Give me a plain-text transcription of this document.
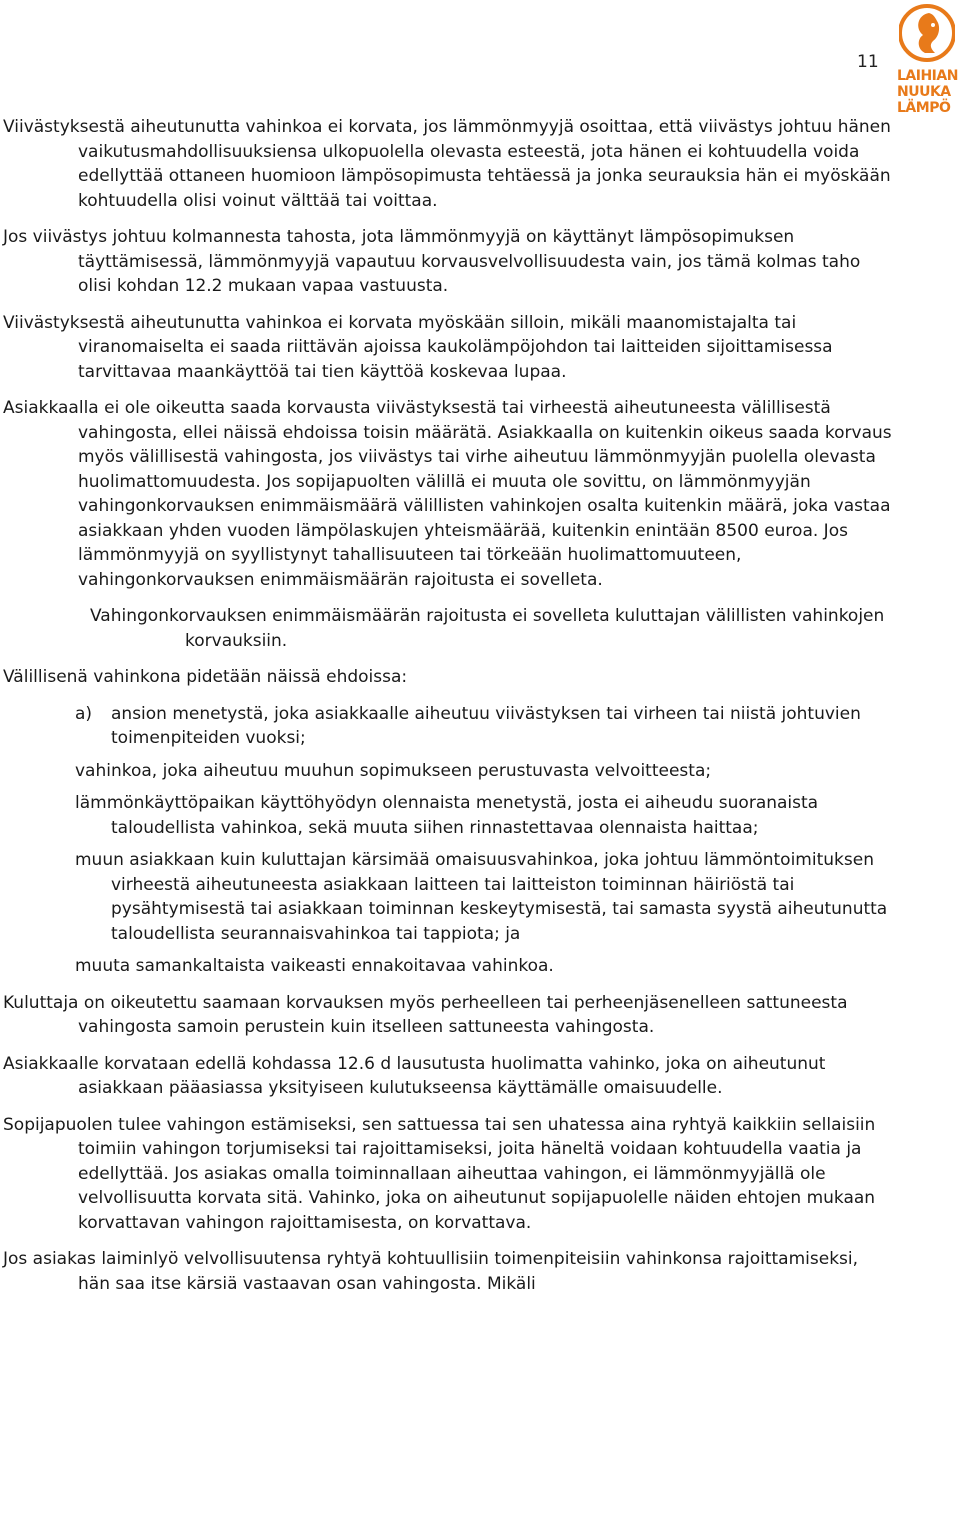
11
LAIHIAN
NUUKA
LÄMPÖ

Viivästyksestä aiheutunutta vahinkoa ei korvata, jos lämmönmyyjä osoittaa, että viivästys johtuu hänen vaikutusmahdollisuuksiensa ulkopuolella olevasta esteestä, jota hänen ei kohtuudella voida edellyttää ottaneen huomioon lämpösopimusta tehtäessä ja jonka seurauksia hän ei myöskään kohtuudella olisi voinut välttää tai voittaa.

Jos viivästys johtuu kolmannesta tahosta, jota lämmönmyyjä on käyttänyt lämpösopimuksen täyttämisessä, lämmönmyyjä vapautuu korvausvelvollisuudesta vain, jos tämä kolmas taho olisi kohdan 12.2 mukaan vapaa vastuusta.

Viivästyksestä aiheutunutta vahinkoa ei korvata myöskään silloin, mikäli maanomistajalta tai viranomaiselta ei saada riittävän ajoissa kaukolämpöjohdon tai laitteiden sijoittamisessa tarvittavaa maankäyttöä tai tien käyttöä koskevaa lupaa.

Asiakkaalla ei ole oikeutta saada korvausta viivästyksestä tai virheestä aiheutuneesta välillisestä vahingosta, ellei näissä ehdoissa toisin määrätä. Asiakkaalla on kuitenkin oikeus saada korvaus myös välillisestä vahingosta, jos viivästys tai virhe aiheutuu lämmönmyyjän puolella olevasta huolimattomuudesta. Jos sopijapuolten välillä ei muuta ole sovittu, on lämmönmyyjän vahingonkorvauksen enimmäismäärä välillisten vahinkojen osalta kuitenkin määrä, joka vastaa asiakkaan yhden vuoden lämpölaskujen yhteismäärää, kuitenkin enintään 8500 euroa. Jos lämmönmyyjä on syyllistynyt tahallisuuteen tai törkeään huolimattomuuteen, vahingonkorvauksen enimmäismäärän rajoitusta ei sovelleta.

Vahingonkorvauksen enimmäismäärän rajoitusta ei sovelleta kuluttajan välillisten vahinkojen korvauksiin.

Välillisenä vahinkona pidetään näissä ehdoissa:

a) ansion menetystä, joka asiakkaalle aiheutuu viivästyksen tai virheen tai niistä johtuvien toimenpiteiden vuoksi;
vahinkoa, joka aiheutuu muuhun sopimukseen perustuvasta velvoitteesta;
lämmönkäyttöpaikan käyttöhyödyn olennaista menetystä, josta ei aiheudu suoranaista taloudellista vahinkoa, sekä muuta siihen rinnastettavaa olennaista haittaa;
muun asiakkaan kuin kuluttajan kärsimää omaisuusvahinkoa, joka johtuu lämmöntoimituksen virheestä aiheutuneesta asiakkaan laitteen tai laitteiston toiminnan häiriöstä tai pysähtymisestä tai asiakkaan toiminnan keskeytymisestä, tai samasta syystä aiheutunutta taloudellista seurannaisvahinkoa tai tappiota; ja
muuta samankaltaista vaikeasti ennakoitavaa vahinkoa.

Kuluttaja on oikeutettu saamaan korvauksen myös perheelleen tai perheenjäsenelleen sattuneesta vahingosta samoin perustein kuin itselleen sattuneesta vahingosta.

Asiakkaalle korvataan edellä kohdassa 12.6 d lausutusta huolimatta vahinko, joka on aiheutunut asiakkaan pääasiassa yksityiseen kulutukseensa käyttämälle omaisuudelle.

Sopijapuolen tulee vahingon estämiseksi, sen sattuessa tai sen uhatessa aina ryhtyä kaikkiin sellaisiin toimiin vahingon torjumiseksi tai rajoittamiseksi, joita häneltä voidaan kohtuudella vaatia ja edellyttää. Jos asiakas omalla toiminnallaan aiheuttaa vahingon, ei lämmönmyyjällä ole velvollisuutta korvata sitä. Vahinko, joka on aiheutunut sopijapuolelle näiden ehtojen mukaan korvattavan vahingon rajoittamisesta, on korvattava.

Jos asiakas laiminlyö velvollisuutensa ryhtyä kohtuullisiin toimenpiteisiin vahinkonsa rajoittamiseksi, hän saa itse kärsiä vastaavan osan vahingosta. Mikäli
